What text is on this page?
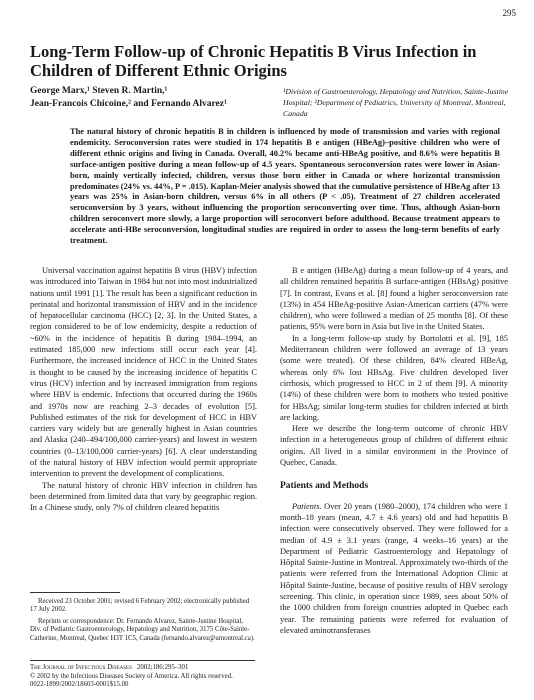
295
Long-Term Follow-up of Chronic Hepatitis B Virus Infection in Children of Different Ethnic Origins
George Marx,¹ Steven R. Martin,¹
Jean-Francois Chicoine,² and Fernando Alvarez¹
¹Division of Gastroenterology, Hepatology and Nutrition, Sainte-Justine Hospital; ²Department of Pediatrics, University of Montreal, Montreal, Canada

The natural history of chronic hepatitis B in children is influenced by mode of transmission and varies with regional endemicity. Seroconversion rates were studied in 174 hepatitis B e antigen (HBeAg)–positive children who were of different ethnic origins and living in Canada. Overall, 40.2% became anti-HBeAg positive, and 8.6% were hepatitis B surface-antigen positive during a mean follow-up of 4.5 years. Spontaneous seroconversion rates were lower in Asian-born, mainly vertically infected, children, versus those born either in Canada or where horizontal transmission predominates (24% vs. 44%, P = .015). Kaplan-Meier analysis showed that the cumulative persistence of HBeAg after 13 years was 25% in Asian-born children, versus 6% in all others (P < .05). Treatment of 27 children accelerated seroconversion by 3 years, without influencing the proportion seroconverting over time. Thus, although Asian-born children seroconvert more slowly, a large proportion will seroconvert before adulthood. Because treatment appears to accelerate anti-HBe seroconversion, longitudinal studies are required in order to assess the long-term benefits of early treatment.

Universal vaccination against hepatitis B virus (HBV) infection was introduced into Taiwan in 1984 but not into most industrialized nations until 1991 [1]. The result has been a significant reduction in perinatal and horizontal transmission of HBV and in the incidence of hepatocellular carcinoma (HCC) [2, 3]. In the United States, a region considered to be of low endemicity, despite a reduction of ~60% in the incidence of hepatitis B during 1984–1994, an estimated 185,000 new infections still occur each year [4]. Furthermore, the increased incidence of HCC in the United States is thought to be caused by the increasing incidence of hepatitis C virus (HCV) infection and by increased immigration from regions where HBV is endemic. Infections that occurred during the 1960s and 1970s now are reaching 2–3 decades of evolution [5]. Published estimates of the risk for development of HCC in HBV carriers vary widely but are generally highest in Asian countries and Alaska (240–494/100,000 carrier-years) and lowest in western countries (0–13/100,000 carrier-years) [6]. A clear understanding of the natural history of HBV infection would permit appropriate intervention to prevent the development of complications.

The natural history of chronic HBV infection in children has been determined from limited data that vary by geographic region. In a Chinese study, only 7% of children cleared hepatitis

B e antigen (HBeAg) during a mean follow-up of 4 years, and all children remained hepatitis B surface-antigen (HBsAg) positive [7]. In contrast, Evans et al. [8] found a higher seroconversion rate (13%) in 454 HBeAg-positive Asian-American carriers (47% were children), who were followed a median of 25 months [8]. Of these patients, 95% were born in Asia but live in the United States.

In a long-term follow-up study by Bortolotti et al. [9], 185 Mediterranean children were followed an average of 13 years (some were treated). Of these children, 84% cleared HBeAg, whereas only 6% lost HBsAg. Five children developed liver cirrhosis, which progressed to HCC in 2 of them [9]. A minority (14%) of these children were born to mothers who tested positive for HBsAg; similar long-term studies for children infected at birth are lacking.

Here we describe the long-term outcome of chronic HBV infection in a heterogeneous group of children of different ethnic origins. All lived in a similar environment in the Province of Quebec, Canada.

Patients and Methods

Patients. Over 20 years (1980–2000), 174 children who were 1 month–18 years (mean, 4.7 ± 4.6 years) old and had hepatitis B infection were consecutively observed. They were followed for a median of 4.9 ± 3.1 years (range, 4 weeks–16 years) at the Department of Pediatric Gastroenterology and Hepatology of Hôpital Sainte-Justine in Montreal. Approximately two-thirds of the patients were referred from the International Adoption Clinic at Hôpital Sainte-Justine, because of positive results of HBV serology screening. This clinic, in operation since 1989, sees about 50% of the 1000 children from foreign countries adopted in Quebec each year. The remaining patients were referred for evaluation of elevated aminotransferases

Received 23 October 2001; revised 6 February 2002; electronically published 17 July 2002.

Reprints or correspondence: Dr. Fernando Alvarez, Sainte-Justine Hospital, Div. of Pediatric Gastroenterology, Hepatology and Nutrition, 3175 Côte-Sainte-Catherine, Montreal, Quebec H3T 1C5, Canada (fernando.alvarez@umontreal.ca).

The Journal of Infectious Diseases 2002;186:295–301
© 2002 by the Infectious Diseases Society of America. All rights reserved.
0022-1899/2002/18603-0001$15.00
